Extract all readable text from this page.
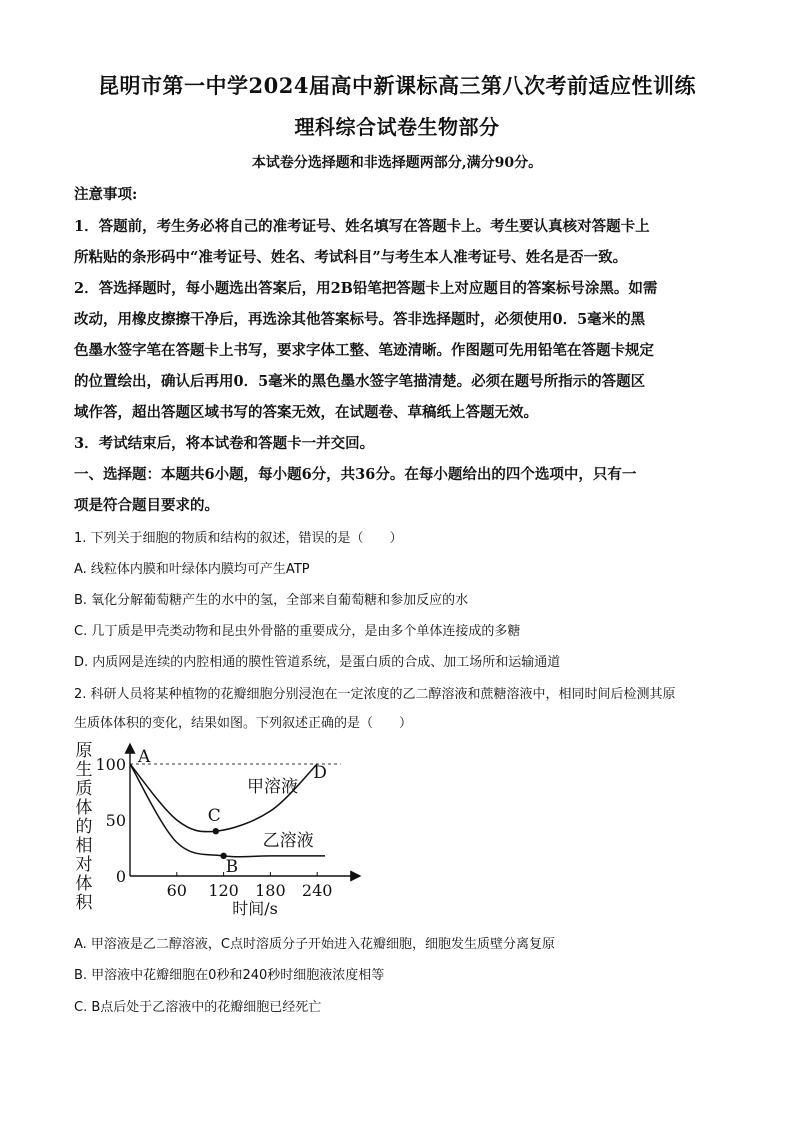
昆明市第一中学2024届高中新课标高三第八次考前适应性训练
理科综合试卷生物部分
本试卷分选择题和非选择题两部分,满分90分。
注意事项:
1．答题前，考生务必将自己的准考证号、姓名填写在答题卡上。考生要认真核对答题卡上
所粘贴的条形码中“准考证号、姓名、考试科目”与考生本人准考证号、姓名是否一致。
2．答选择题时，每小题选出答案后，用2B铅笔把答题卡上对应题目的答案标号涂黑。如需
改动，用橡皮擦擦干净后，再选涂其他答案标号。答非选择题时，必须使用0．5毫米的黑
色墨水签字笔在答题卡上书写，要求字体工整、笔迹清晰。作图题可先用铅笔在答题卡规定
的位置绘出，确认后再用0．5毫米的黑色墨水签字笔描清楚。必须在题号所指示的答题区
域作答，超出答题区域书写的答案无效，在试题卷、草稿纸上答题无效。
3．考试结束后，将本试卷和答题卡一并交回。
一、选择题：本题共6小题，每小题6分，共36分。在每小题给出的四个选项中，只有一
项是符合题目要求的。
1. 下列关于细胞的物质和结构的叙述，错误的是（　　）
A. 线粒体内膜和叶绿体内膜均可产生ATP
B. 氧化分解葡萄糖产生的水中的氢，全部来自葡萄糖和参加反应的水
C. 几丁质是甲壳类动物和昆虫外骨骼的重要成分，是由多个单体连接成的多糖
D. 内质网是连续的内腔相通的膜性管道系统，是蛋白质的合成、加工场所和运输通道
2. 科研人员将某种植物的花瓣细胞分别浸泡在一定浓度的乙二醇溶液和蔗糖溶液中，相同时间后检测其原
生质体体积的变化，结果如图。下列叙述正确的是（　　）
原
生
质
体
的
相
对
体
积
60 120 180 240
0
50
100 A
C
B
D
甲溶液
乙溶液
时间/s
A. 甲溶液是乙二醇溶液，C点时溶质分子开始进入花瓣细胞，细胞发生质壁分离复原
B. 甲溶液中花瓣细胞在0秒和240秒时细胞液浓度相等
C. B点后处于乙溶液中的花瓣细胞已经死亡
